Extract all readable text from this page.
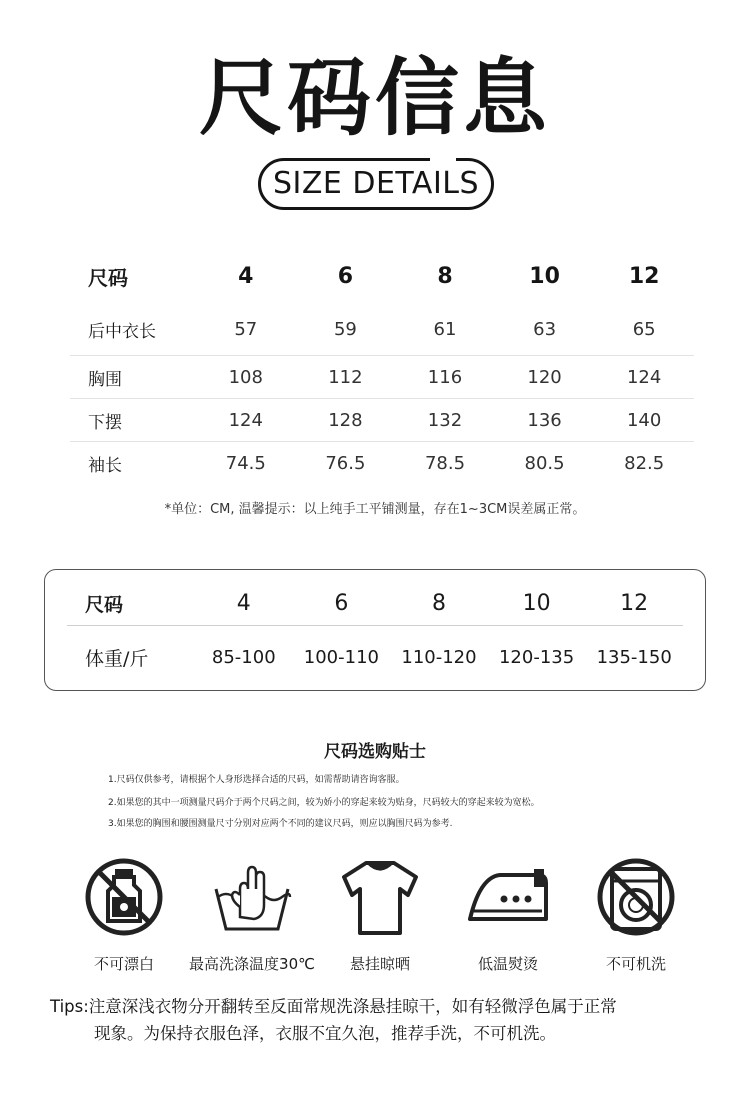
尺码信息
SIZE DETAILS
尺码	4	6	8	10	12
后中衣长	57	59	61	63	65
胸围	108	112	116	120	124
下摆	124	128	132	136	140
袖长	74.5	76.5	78.5	80.5	82.5
*单位：CM, 温馨提示：以上纯手工平铺测量，存在1~3CM误差属正常。
尺码	4	6	8	10	12
体重/斤	85-100	100-110	110-120	120-135	135-150
尺码选购贴士
1.尺码仅供参考，请根据个人身形选择合适的尺码，如需帮助请咨询客服。
2.如果您的其中一项测量尺码介于两个尺码之间，较为娇小的穿起来较为贴身，尺码较大的穿起来较为宽松。
3.如果您的胸围和腰围测量尺寸分别对应两个不同的建议尺码，则应以胸围尺码为参考.
不可漂白 最高洗涤温度30℃ 悬挂晾晒	低温熨烫	不可机洗
Tips:注意深浅衣物分开翻转至反面常规洗涤悬挂晾干，如有轻微浮色属于正常
现象。为保持衣服色泽，衣服不宜久泡，推荐手洗，不可机洗。
